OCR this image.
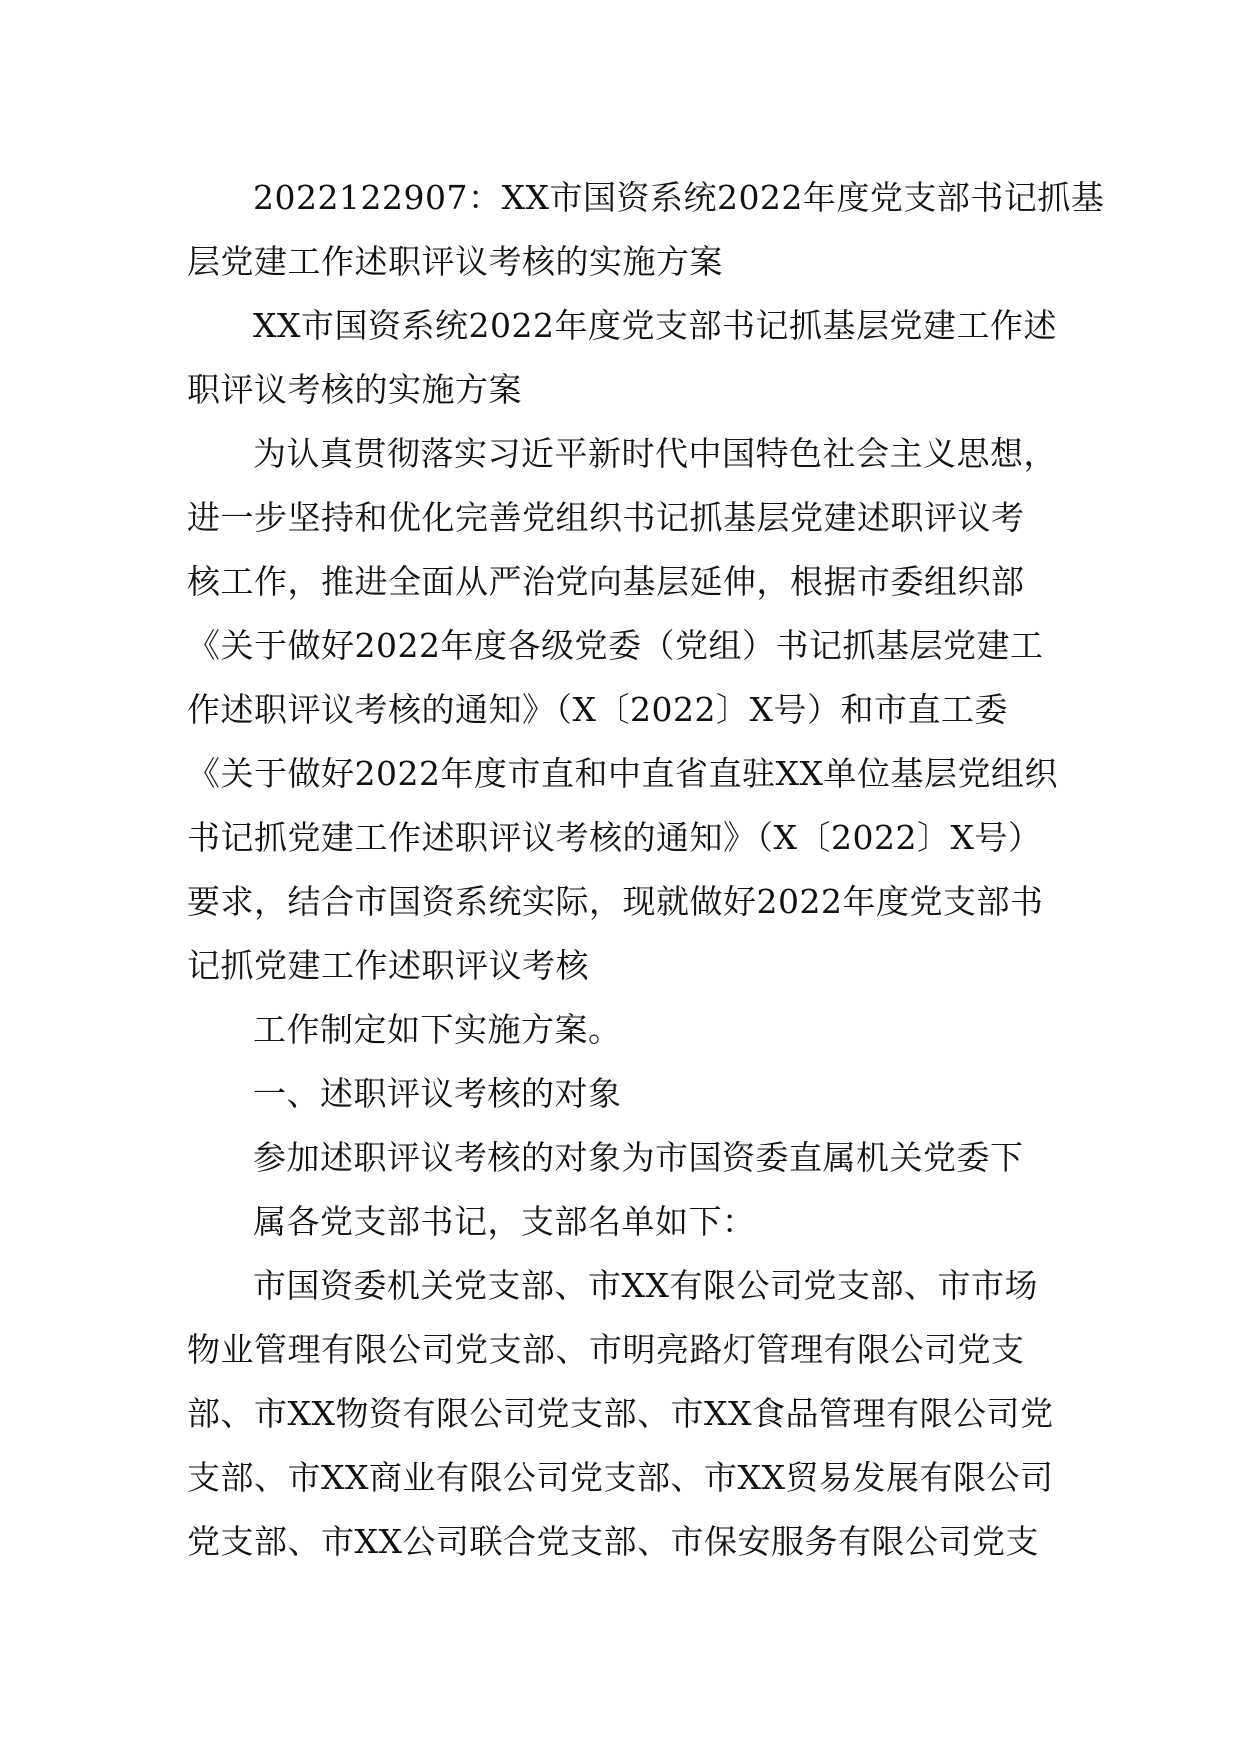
2022122907：XX市国资系统2022年度党支部书记抓基
层党建工作述职评议考核的实施方案
XX市国资系统2022年度党支部书记抓基层党建工作述
职评议考核的实施方案
为认真贯彻落实习近平新时代中国特色社会主义思想，
进一步坚持和优化完善党组织书记抓基层党建述职评议考
核工作，推进全面从严治党向基层延伸，根据市委组织部
《关于做好2022年度各级党委（党组）书记抓基层党建工
作述职评议考核的通知》（X〔2022〕X号）和市直工委
《关于做好2022年度市直和中直省直驻XX单位基层党组织
书记抓党建工作述职评议考核的通知》（X〔2022〕X号）
要求，结合市国资系统实际，现就做好2022年度党支部书
记抓党建工作述职评议考核
工作制定如下实施方案。
一、述职评议考核的对象
参加述职评议考核的对象为市国资委直属机关党委下
属各党支部书记，支部名单如下：
市国资委机关党支部、市XX有限公司党支部、市市场
物业管理有限公司党支部、市明亮路灯管理有限公司党支
部、市XX物资有限公司党支部、市XX食品管理有限公司党
支部、市XX商业有限公司党支部、市XX贸易发展有限公司
党支部、市XX公司联合党支部、市保安服务有限公司党支
